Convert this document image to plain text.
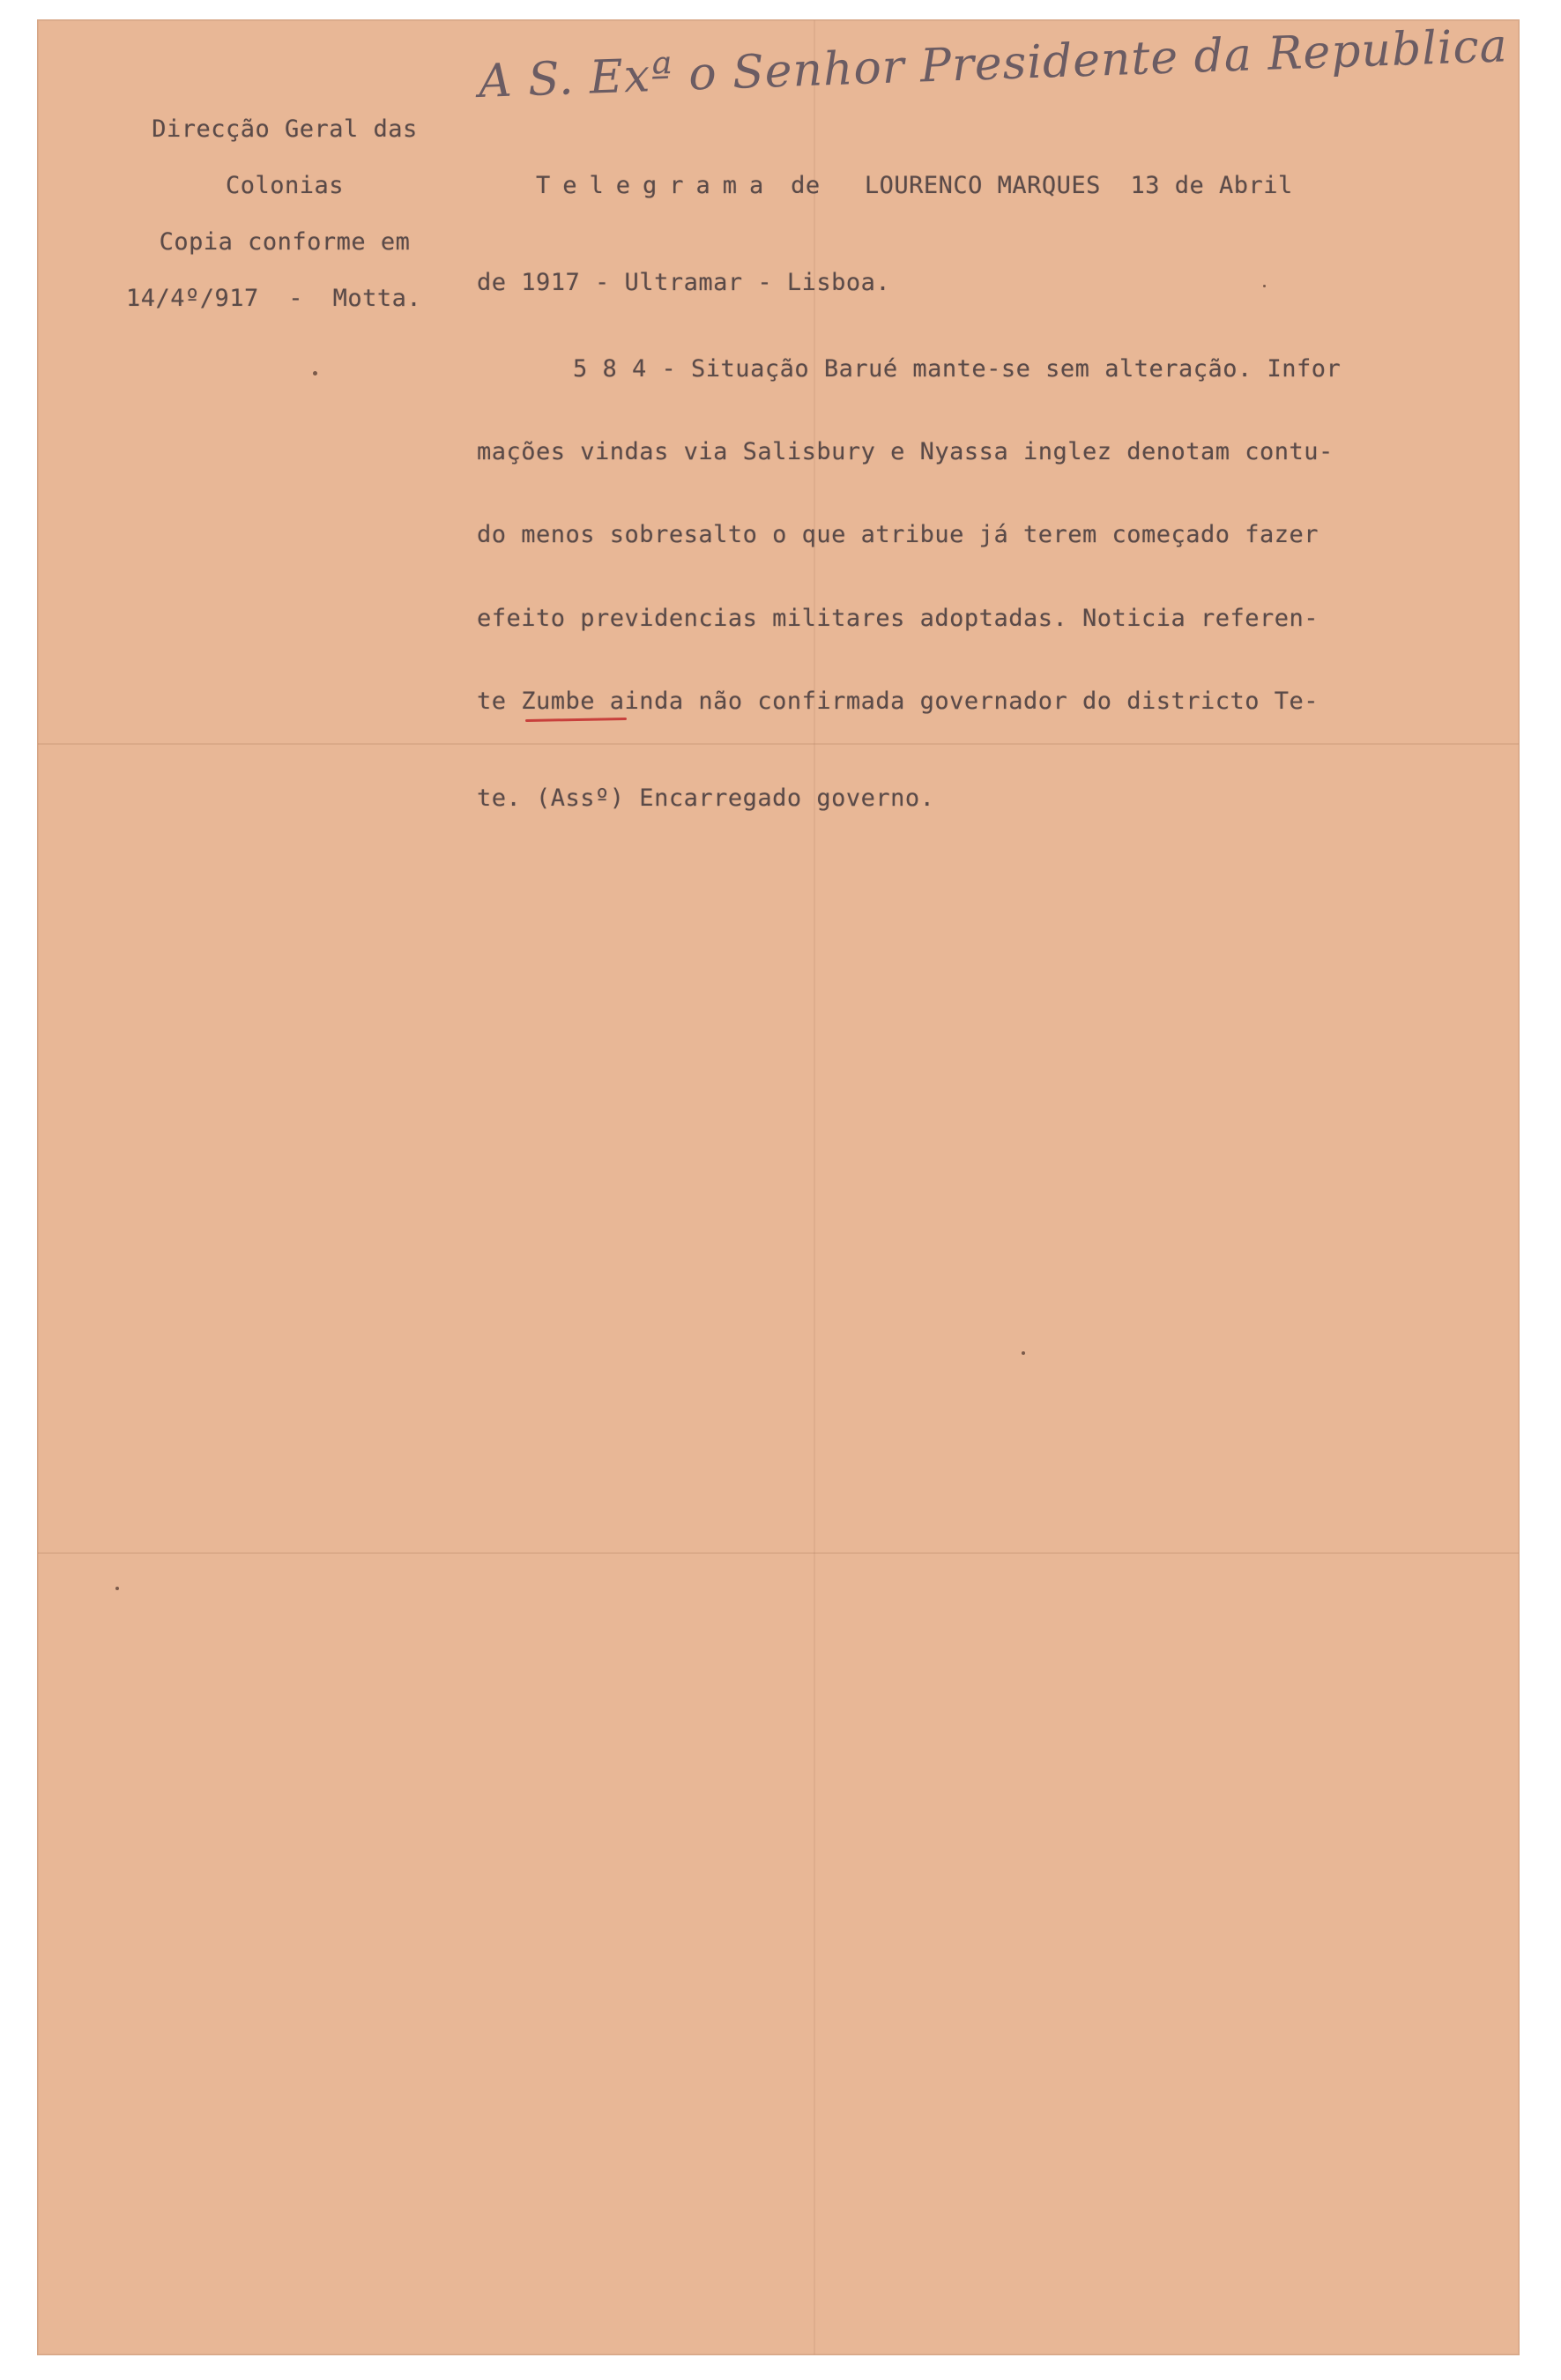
A S. Exª o Senhor Presidente da Republica
Direcção Geral das
Colonias
Copia conforme em
14/4º/917  -  Motta.
Telegrama de   LOURENCO MARQUES  13 de Abril
de 1917 - Ultramar - Lisboa.
5 8 4 - Situação Barué mante-se sem alteração. Infor
mações vindas via Salisbury e Nyassa inglez denotam contu-
do menos sobresalto o que atribue já terem começado fazer
efeito previdencias militares adoptadas. Noticia referen-
te Zumbe ainda não confirmada governador do districto Te-
te. (Assº) Encarregado governo.
